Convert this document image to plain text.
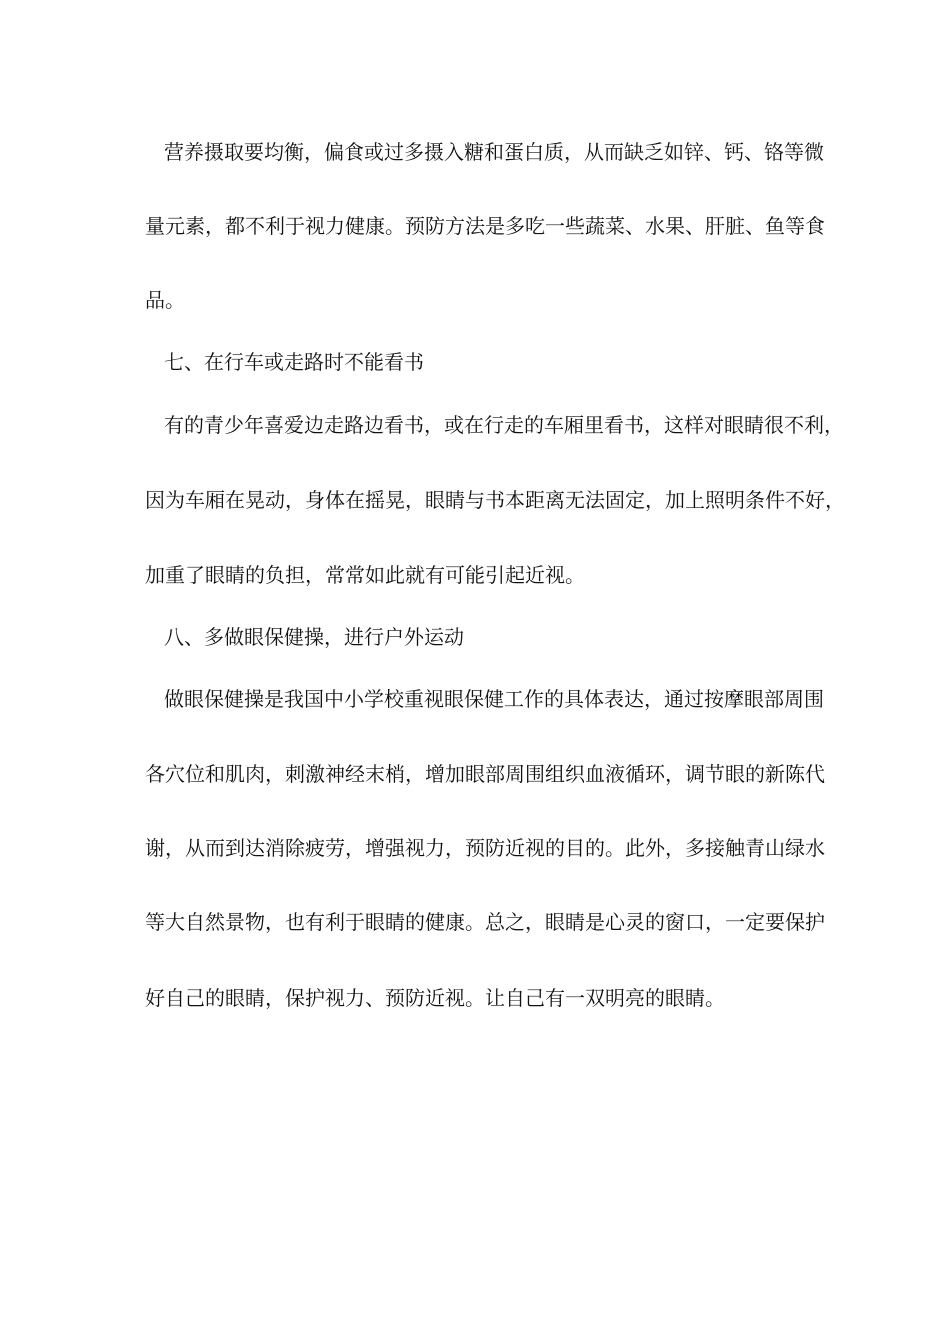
营养摄取要均衡，偏食或过多摄入糖和蛋白质，从而缺乏如锌、钙、铬等微
量元素，都不利于视力健康。预防方法是多吃一些蔬菜、水果、肝脏、鱼等食
品。
七、在行车或走路时不能看书
有的青少年喜爱边走路边看书，或在行走的车厢里看书，这样对眼睛很不利，
因为车厢在晃动，身体在摇晃，眼睛与书本距离无法固定，加上照明条件不好，
加重了眼睛的负担，常常如此就有可能引起近视。
八、多做眼保健操，进行户外运动
做眼保健操是我国中小学校重视眼保健工作的具体表达，通过按摩眼部周围
各穴位和肌肉，刺激神经末梢，增加眼部周围组织血液循环，调节眼的新陈代
谢，从而到达消除疲劳，增强视力，预防近视的目的。此外，多接触青山绿水
等大自然景物，也有利于眼睛的健康。总之，眼睛是心灵的窗口，一定要保护
好自己的眼睛，保护视力、预防近视。让自己有一双明亮的眼睛。
